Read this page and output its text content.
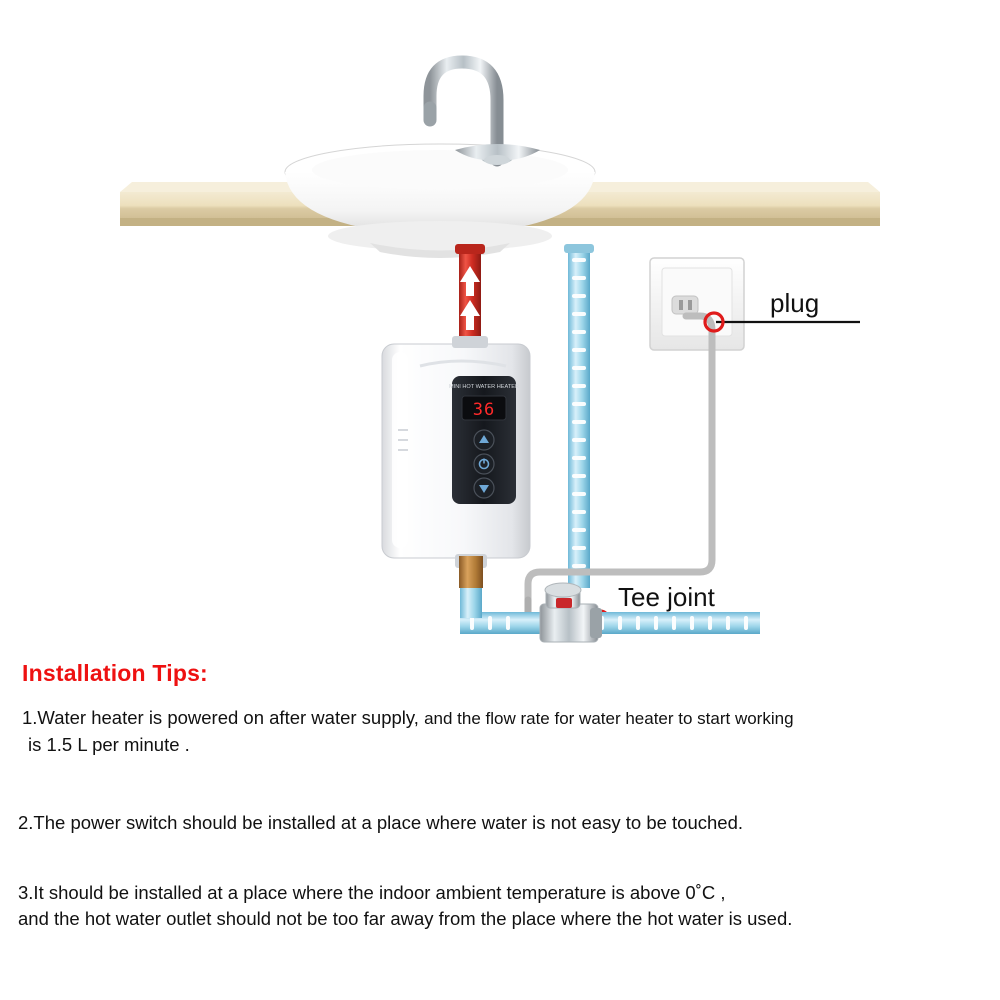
MINI HOT WATER HEATER
36
plug
Tee joint
Installation Tips:
1.Water heater is powered on after water supply, and the flow rate for water heater to start working
is 1.5 L per minute .
2.The power switch should be installed at a place where water is not easy to be touched.
3.It should be installed at a place where the indoor ambient temperature is above 0˚C ,
and the hot water outlet should not be too far away from the place where the hot water is used.
